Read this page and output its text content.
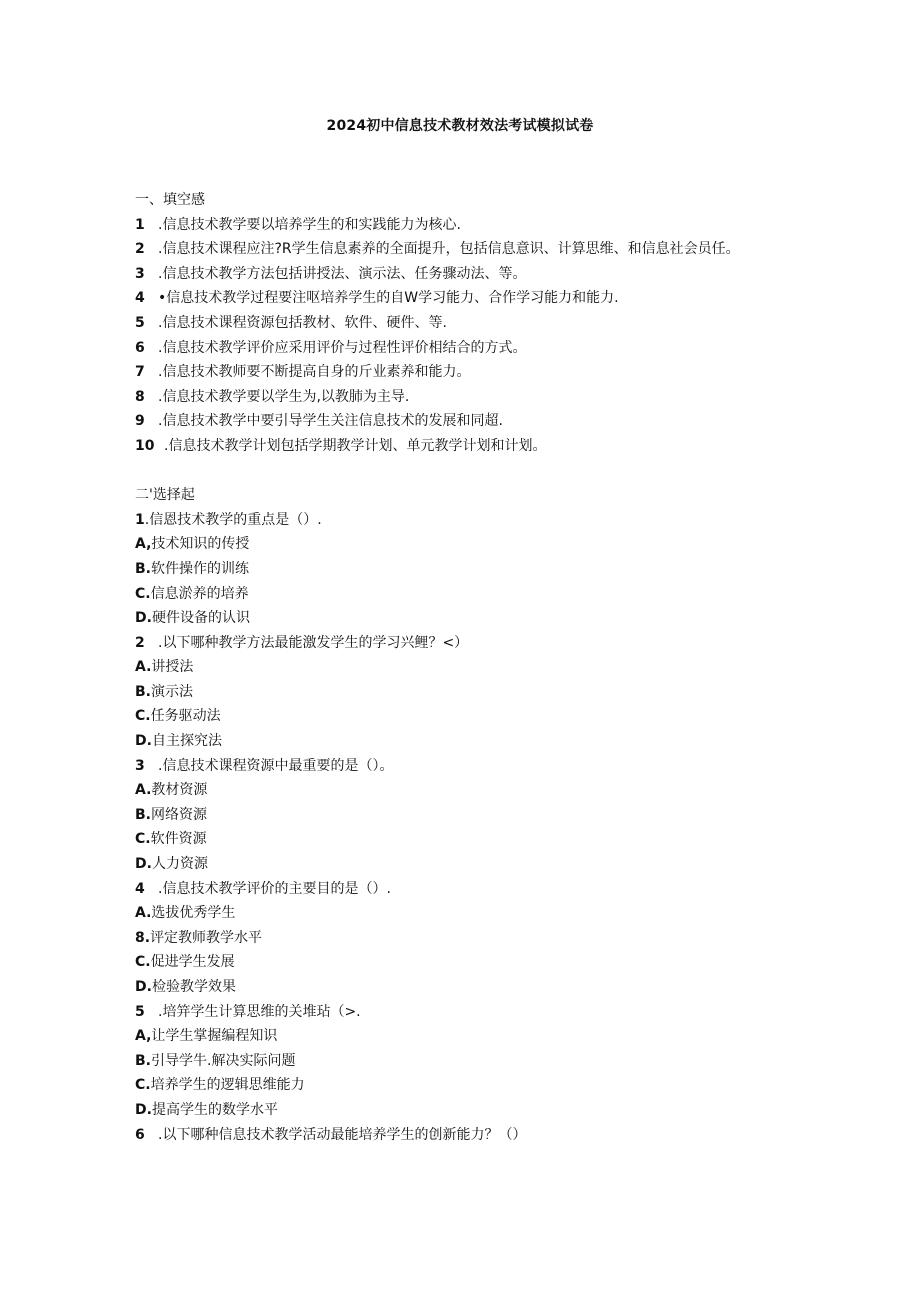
2024初中信息技术教材效法考试模拟试卷
一、填空感
1 .信息技术教学要以培养学生的和实践能力为核心.
2 .信息技术课程应注?R学生信息素养的全面提升，包括信息意识、计算思维、和信息社会员任。
3 .信息技术教学方法包括讲授法、演示法、任务骤动法、等。
4 •信息技术教学过程要注呕培养学生的自W学习能力、合作学习能力和能力.
5 .信息技术课程资源包括教材、软件、硬件、等.
6 .信息技术教学评价应采用评价与过程性评价相结合的方式。
7 .信息技术教师要不断提高自身的斤业素养和能力。
8 .信息技术教学要以学生为,以教肺为主导.
9 .信息技术教学中要引导学生关注信息技术的发展和同超.
10 .信息技术教学计划包括学期教学计划、单元教学计划和计划。
二'选择起
1.信恩技术教学的重点是（）.
A,技术知识的传授
B.软件操作的训练
C.信息淤养的培养
D.硬件设备的认识
2 .以下哪种教学方法最能激发学生的学习兴鲤？<）
A.讲授法
B.演示法
C.任务驱动法
D.自主探究法
3 .信息技术课程资源中最重要的是（）。
A.教材资源
B.网络资源
C.软件资源
D.人力资源
4 .信息技术教学评价的主要目的是（）.
A.选拔优秀学生
8.评定教师教学水平
C.促进学生发展
D.检验教学效果
5 .培笄学生计算思维的关堆玷（>.
A,让学生掌握编程知识
B.引导学牛.解决实际问题
C.培养学生的逻辑思维能力
D.提高学生的数学水平
6 .以下哪种信息技术教学活动最能培养学生的创新能力？（）
